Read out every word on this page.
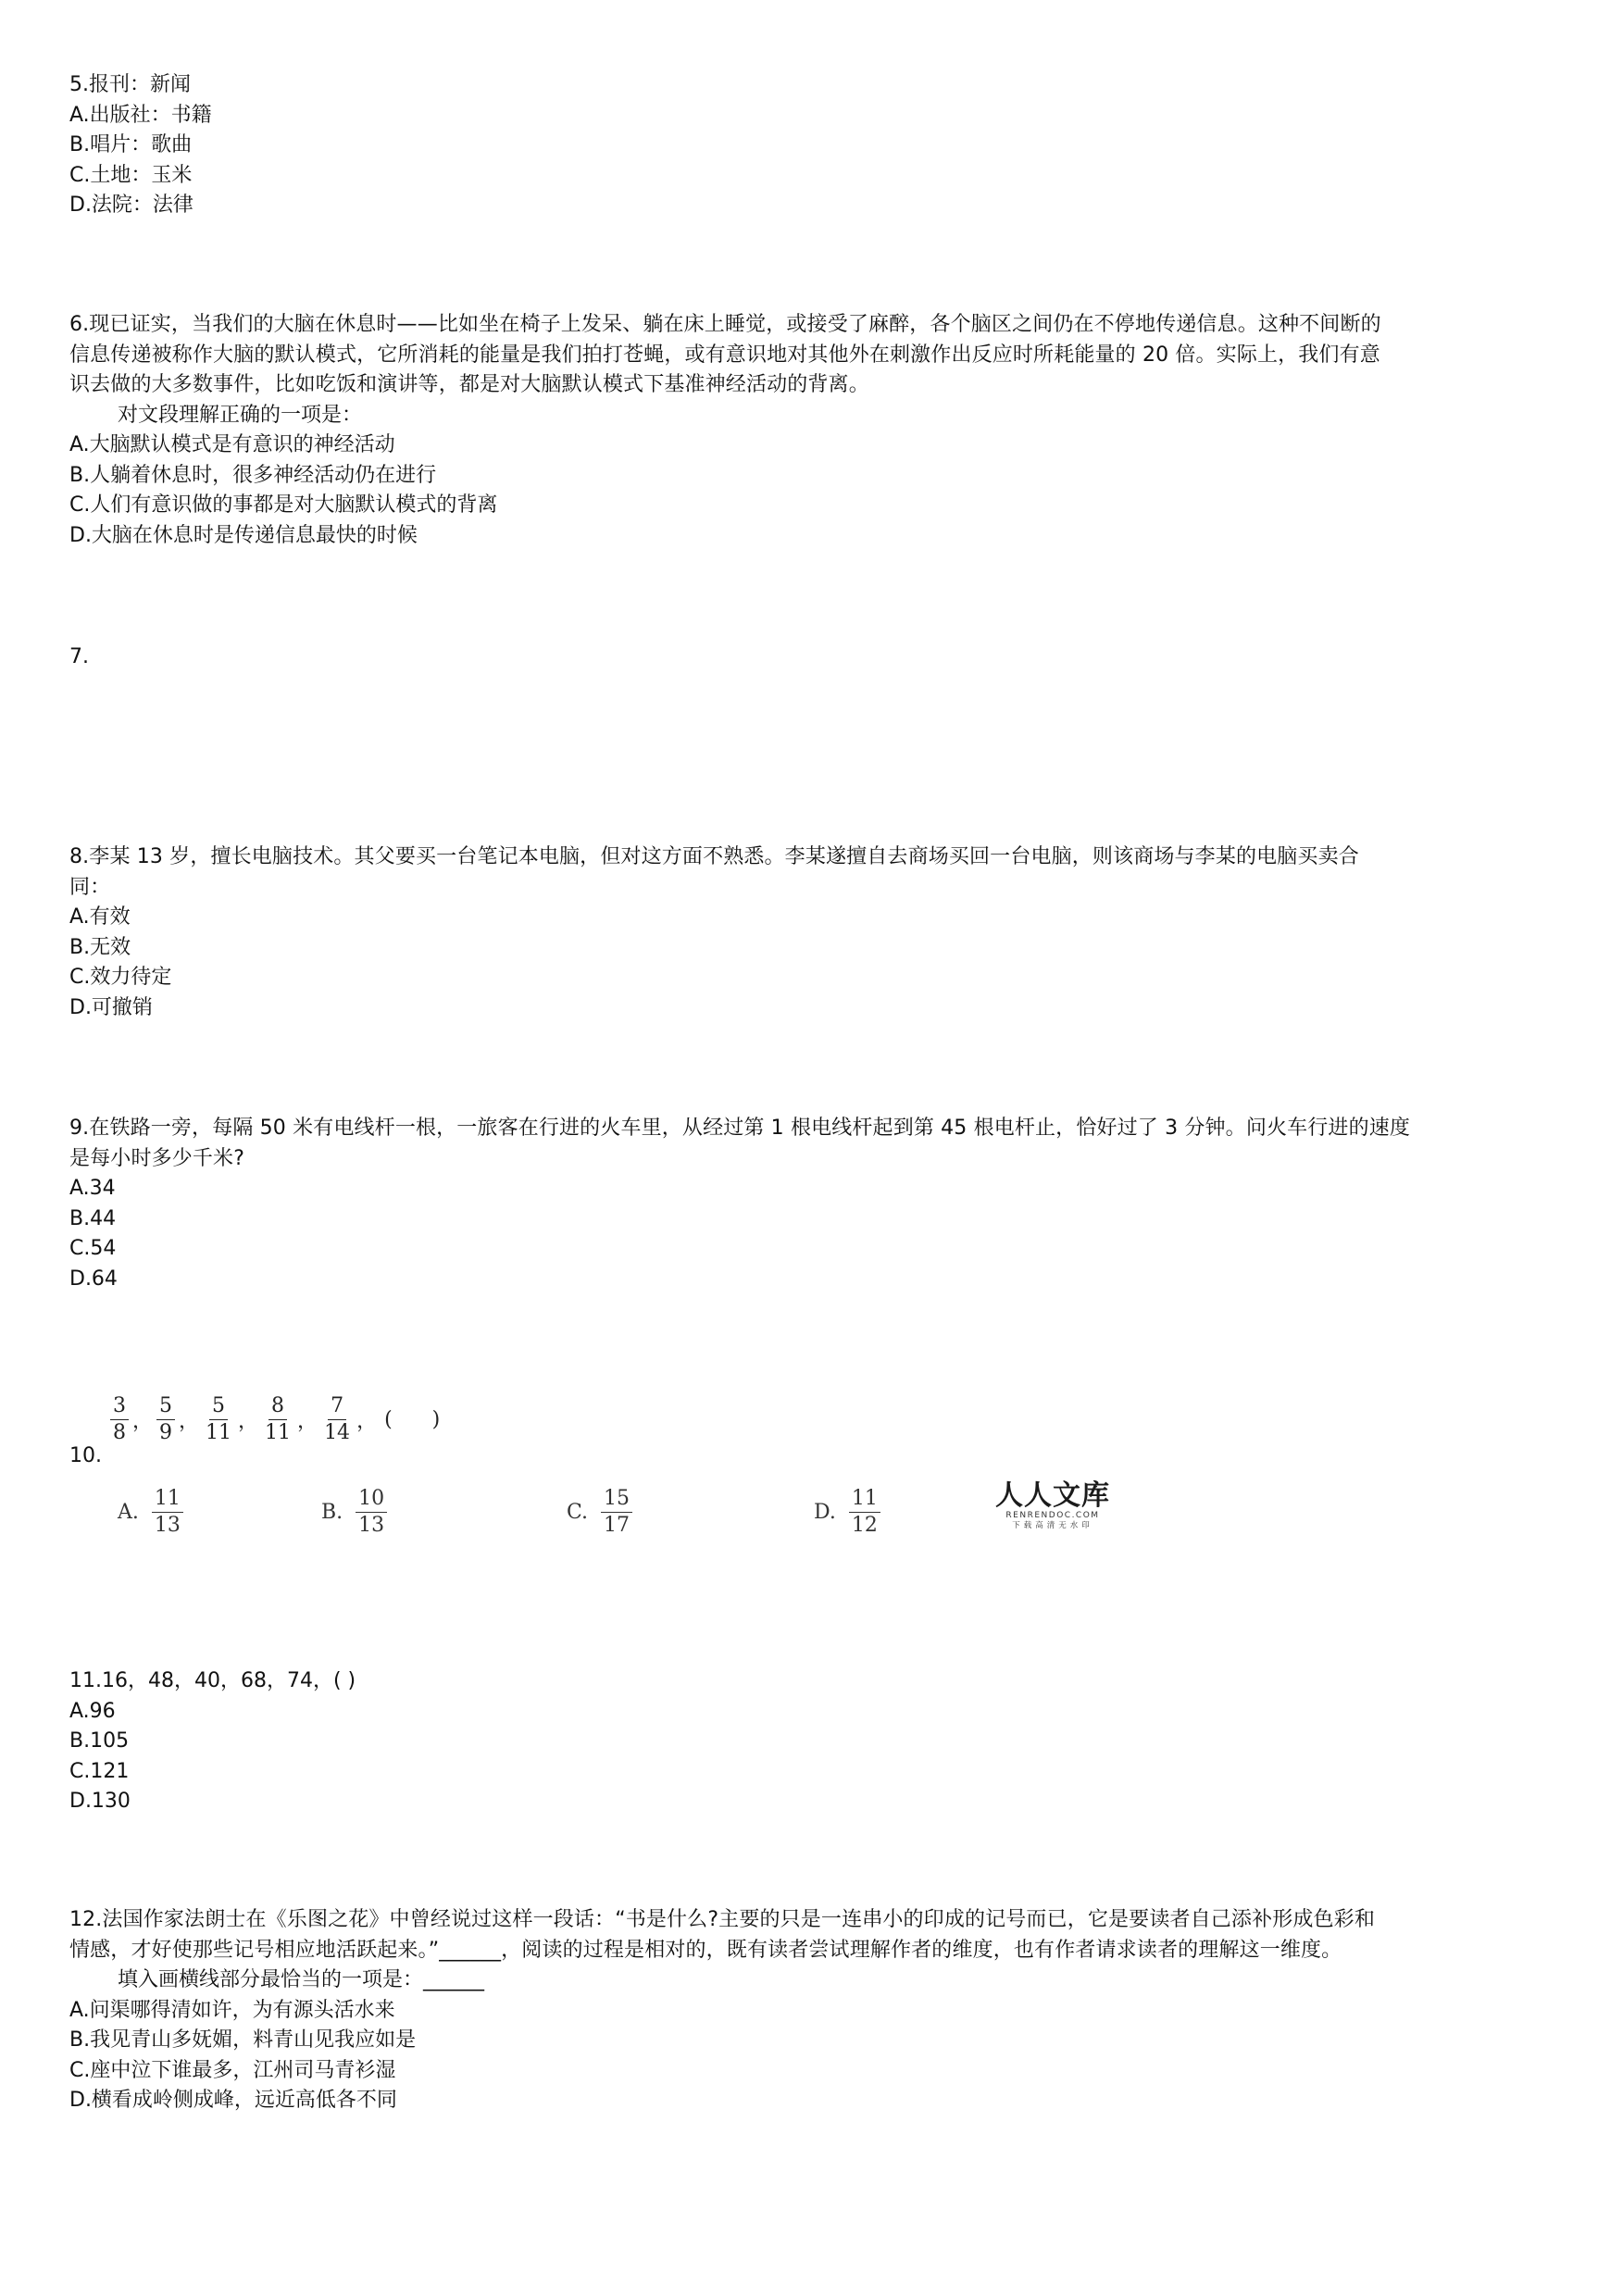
5.报刊：新闻
A.出版社：书籍
B.唱片：歌曲
C.土地：玉米
D.法院：法律
6.现已证实，当我们的大脑在休息时——比如坐在椅子上发呆、躺在床上睡觉，或接受了麻醉，各个脑区之间仍在不停地传递信息。这种不间断的
信息传递被称作大脑的默认模式，它所消耗的能量是我们拍打苍蝇，或有意识地对其他外在刺激作出反应时所耗能量的 20 倍。实际上，我们有意
识去做的大多数事件，比如吃饭和演讲等，都是对大脑默认模式下基准神经活动的背离。
对文段理解正确的一项是：
A.大脑默认模式是有意识的神经活动
B.人躺着休息时，很多神经活动仍在进行
C.人们有意识做的事都是对大脑默认模式的背离
D.大脑在休息时是传递信息最快的时候
7.
8.李某 13 岁，擅长电脑技术。其父要买一台笔记本电脑，但对这方面不熟悉。李某遂擅自去商场买回一台电脑，则该商场与李某的电脑买卖合
同：
A.有效
B.无效
C.效力待定
D.可撤销
9.在铁路一旁，每隔 50 米有电线杆一根，一旅客在行进的火车里，从经过第 1 根电线杆起到第 45 根电杆止，恰好过了 3 分钟。问火车行进的速度
是每小时多少千米?
A.34
B.44
C.54
D.64
10.
$\frac{3}{8}$ ， $\frac{5}{9}$ ， $\frac{5}{11}$ ， $\frac{8}{11}$ ， $\frac{7}{14}$ ， ( )
A. $\frac{11}{13}$	B. $\frac{10}{13}$	C. $\frac{15}{17}$	D. $\frac{11}{12}$	人人文库
RENRENDOC.COM
下载高清无水印
11.16，48，40，68，74，( )
A.96
B.105
C.121
D.130
12.法国作家法朗士在《乐图之花》中曾经说过这样一段话：“书是什么?主要的只是一连串小的印成的记号而已，它是要读者自己添补形成色彩和
情感，才好使那些记号相应地活跃起来。”______，阅读的过程是相对的，既有读者尝试理解作者的维度，也有作者请求读者的理解这一维度。
填入画横线部分最恰当的一项是：______
A.问渠哪得清如许，为有源头活水来
B.我见青山多妩媚，料青山见我应如是
C.座中泣下谁最多，江州司马青衫湿
D.横看成岭侧成峰，远近高低各不同
